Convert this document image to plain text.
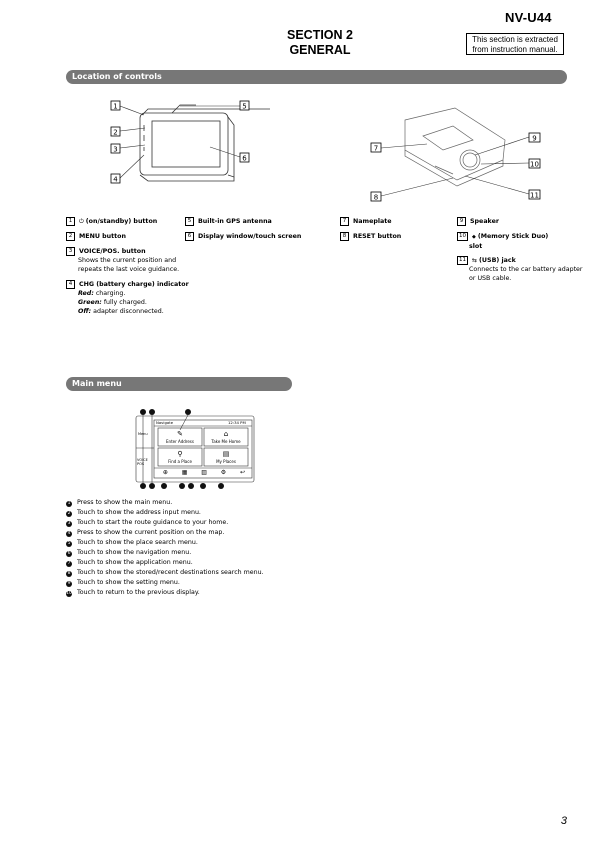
NV-U44
SECTION 2
GENERAL
This section is extracted
from instruction manual.
Location of controls
1
2
3
4
5
6
7
8
9
10
11
1 ⏻ (on/standby) button
2 MENU button
3 VOICE/POS. button
Shows the current position and
repeats the last voice guidance.
4 CHG (battery charge) indicator
Red: charging.
Green: fully charged.
Off: adapter disconnected.
5 Built-in GPS antenna
6 Display window/touch screen
7 Nameplate
8 RESET button
9 Speaker
10 ◆ (Memory Stick Duo)
slot
11 ⇆ (USB) jack
Connects to the car battery adapter
or USB cable.
Main menu
Navigate	12:34 PM
Menu
VOICE POS
✎
Enter Address
⌂
Take Me Home
⚲
Find a Place
▤
My Places
⊕ ▦ ▥ ⚙ ↩
1 Press to show the main menu.
2 Touch to show the address input menu.
3 Touch to start the route guidance to your home.
4 Press to show the current position on the map.
5 Touch to show the place search menu.
6 Touch to show the navigation menu.
7 Touch to show the application menu.
8 Touch to show the stored/recent destinations search menu.
9 Touch to show the setting menu.
10 Touch to return to the previous display.
3
